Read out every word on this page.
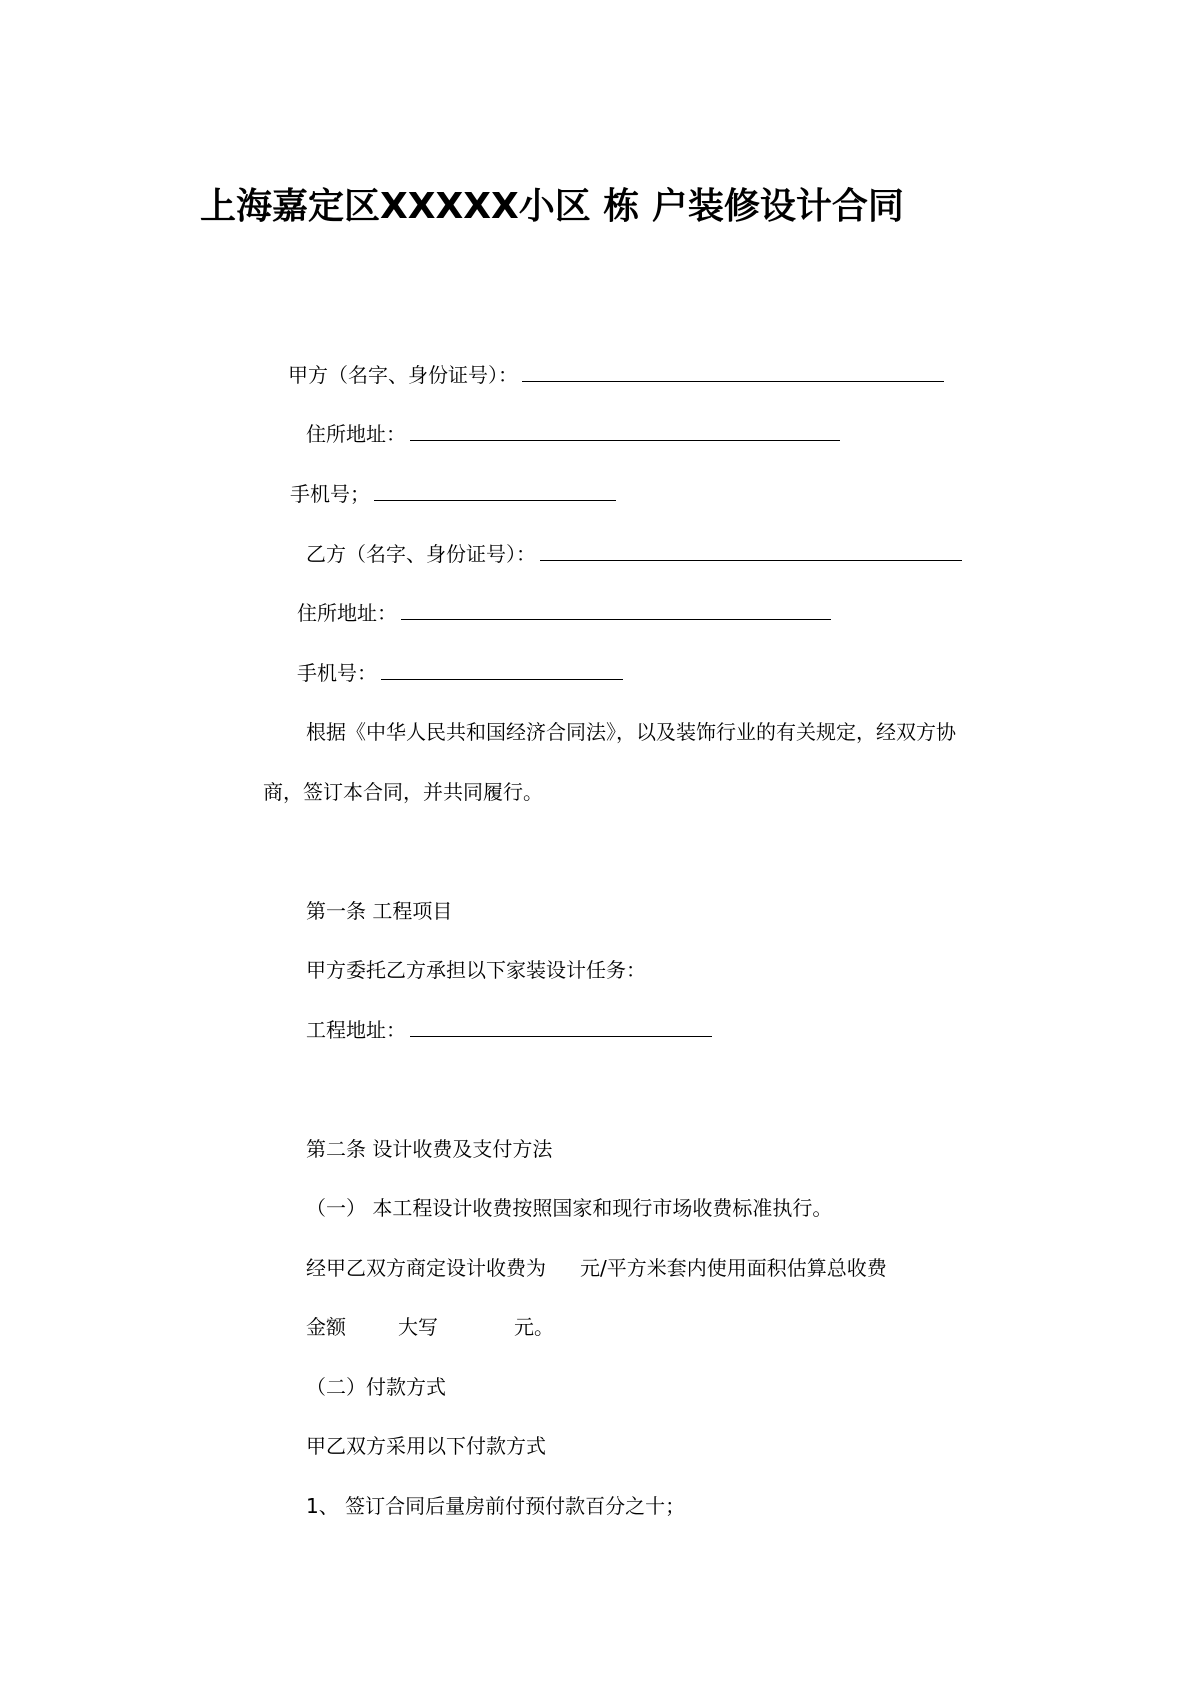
上海嘉定区XXXXX小区 栋 户装修设计合同
甲方（名字、身份证号）：
住所地址：
手机号；
乙方（名字、身份证号）：
住所地址：
手机号：
根据《中华人民共和国经济合同法》，以及装饰行业的有关规定，经双方协
商，签订本合同，并共同履行。
第一条 工程项目
甲方委托乙方承担以下家装设计任务：
工程地址：
第二条 设计收费及支付方法
（一） 本工程设计收费按照国家和现行市场收费标准执行。
经甲乙双方商定设计收费为 元/平方米套内使用面积估算总收费
金额	大写	元。
（二）付款方式
甲乙双方采用以下付款方式
1、 签订合同后量房前付预付款百分之十；
